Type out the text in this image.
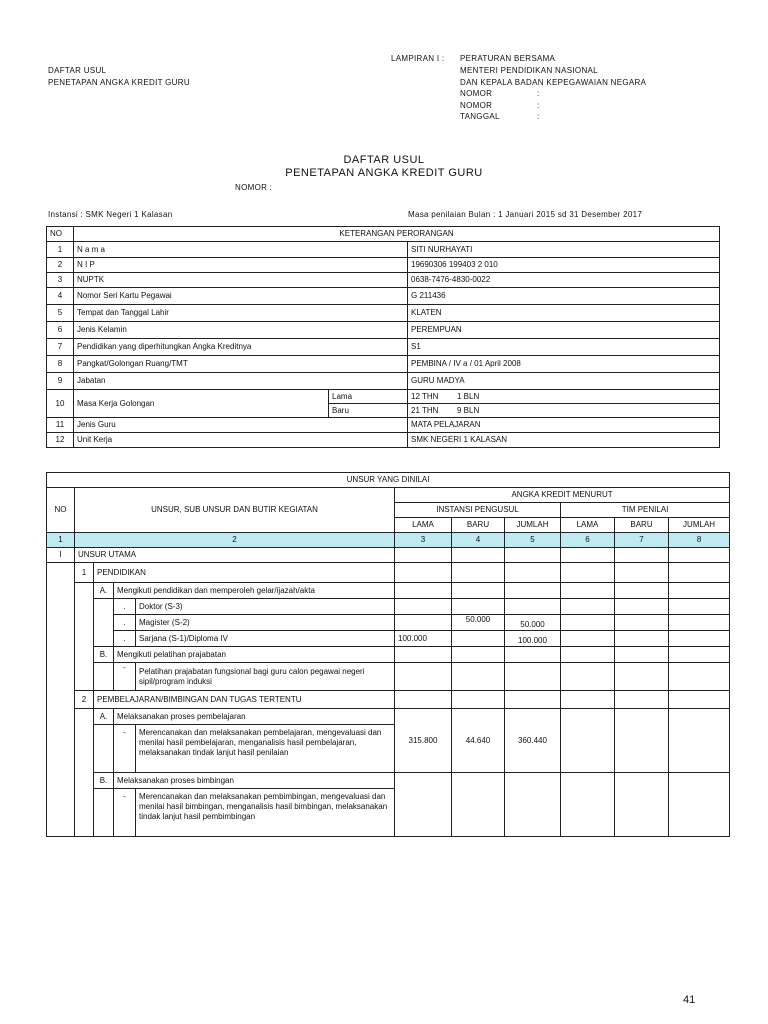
LAMPIRAN I : PERATURAN BERSAMA
MENTERI PENDIDIKAN NASIONAL
DAN KEPALA BADAN KEPEGAWAIAN NEGARA
NOMOR	:
NOMOR	:
TANGGAL	:
DAFTAR USUL
PENETAPAN ANGKA KREDIT GURU
DAFTAR USUL
PENETAPAN ANGKA KREDIT GURU
NOMOR :
Instansi : SMK Negeri 1 Kalasan	Masa penilaian Bulan : 1 Januari 2015 sd 31 Desember 2017
NO	KETERANGAN PERORANGAN		
1	N a m a		SITI NURHAYATI
2	N I P		19690306 199403 2 010
3	NUPTK		0638-7476-4830-0022
4	Nomor Seri Kartu Pegawai		G 211436
5	Tempat dan Tanggal Lahir		KLATEN
6	Jenis Kelamin		PEREMPUAN
7	Pendidikan yang diperhitungkan Angka Kreditnya		S1
8	Pangkat/Golongan Ruang/TMT		PEMBINA / IV a / 01 April 2008
9	Jabatan		GURU MADYA
10	Masa Kerja Golongan	Lama	12 THN 1 BLN
		Baru	21 THN 9 BLN
11	Jenis Guru		MATA PELAJARAN
12	Unit Kerja		SMK NEGERI 1 KALASAN
UNSUR YANG DINILAI										
NO	UNSUR, SUB UNSUR DAN BUTIR KEGIATAN				ANGKA KREDIT MENURUT					
					INSTANSI PENGUSUL			TIM PENILAI		
					LAMA	BARU	JUMLAH	LAMA	BARU	JUMLAH
1	2				3	4	5	6	7	8
I	UNSUR UTAMA									
	1	PENDIDIKAN								
		A.	Mengikuti pendidikan dan memperoleh gelar/ijazah/akta							
			.	Doktor (S-3)						
			.	Magister (S-2)		50.000	50.000			
			.	Sarjana (S-1)/Diploma IV	100.000		100.000			
		B.	Mengikuti pelatihan prajabatan							
			-	Pelatihan prajabatan fungsional bagi guru calon pegawai negeri sipil/program induksi						
	2	PEMBELAJARAN/BIMBINGAN DAN TUGAS TERTENTU								
		A.	Melaksanakan proses pembelajaran		315.800	44.640	360.440			
			-	Merencanakan dan melaksanakan pembelajaran, mengevaluasi dan menilai hasil pembelajaran, menganalisis hasil pembelajaran, melaksanakan tindak lanjut hasil penilaian						
		B.	Melaksanakan proses bimbingan							
			-	Merencanakan dan melaksanakan pembimbingan, mengevaluasi dan menilai hasil bimbingan, menganalisis hasil bimbingan, melaksanakan tindak lanjut hasil pembimbingan						
41
